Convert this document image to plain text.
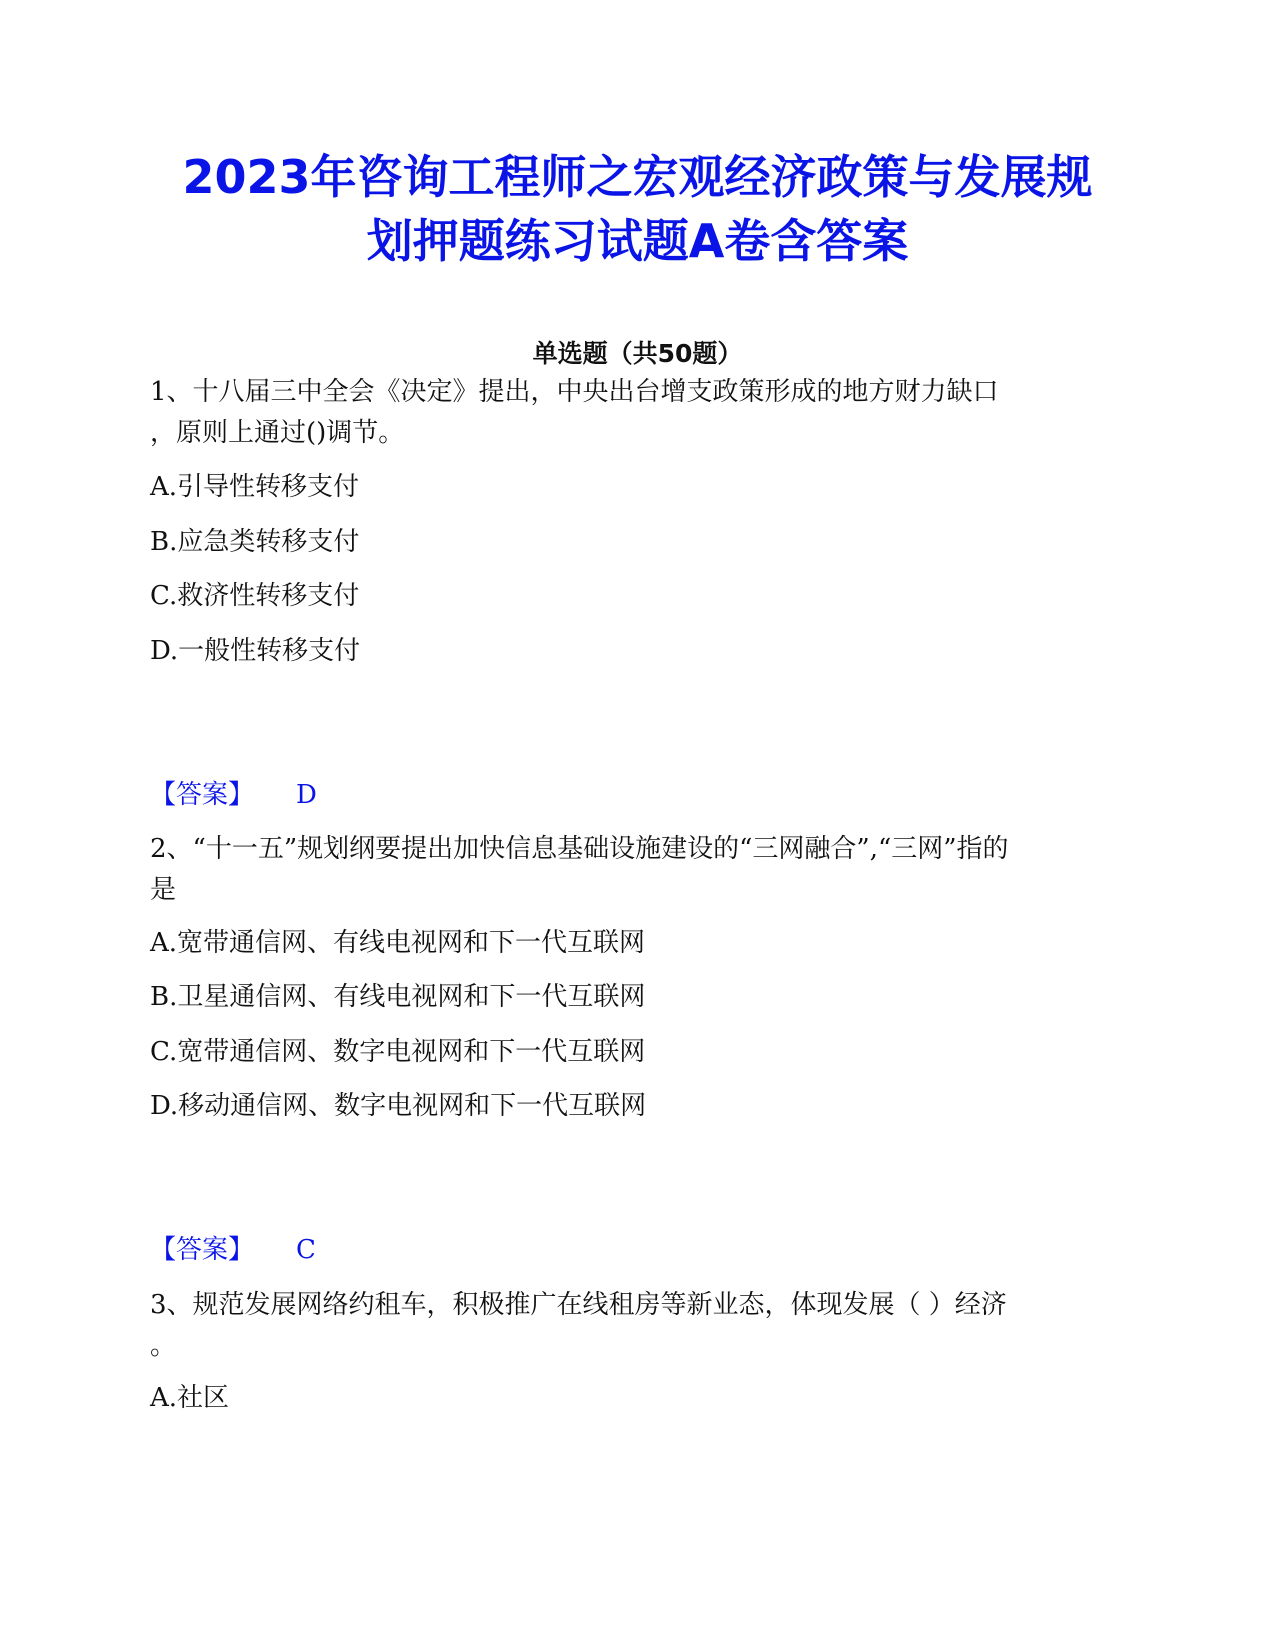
2023年咨询工程师之宏观经济政策与发展规
划押题练习试题A卷含答案
单选题（共50题）
1、十八届三中全会《决定》提出，中央出台增支政策形成的地方财力缺口
，原则上通过()调节。
A.引导性转移支付
B.应急类转移支付
C.救济性转移支付
D.一般性转移支付
【答案】 D
2、“十一五”规划纲要提出加快信息基础设施建设的“三网融合”,“三网”指的
是
A.宽带通信网、有线电视网和下一代互联网
B.卫星通信网、有线电视网和下一代互联网
C.宽带通信网、数字电视网和下一代互联网
D.移动通信网、数字电视网和下一代互联网
【答案】 C
3、规范发展网络约租车，积极推广在线租房等新业态，体现发展（ ）经济
。
A.社区
